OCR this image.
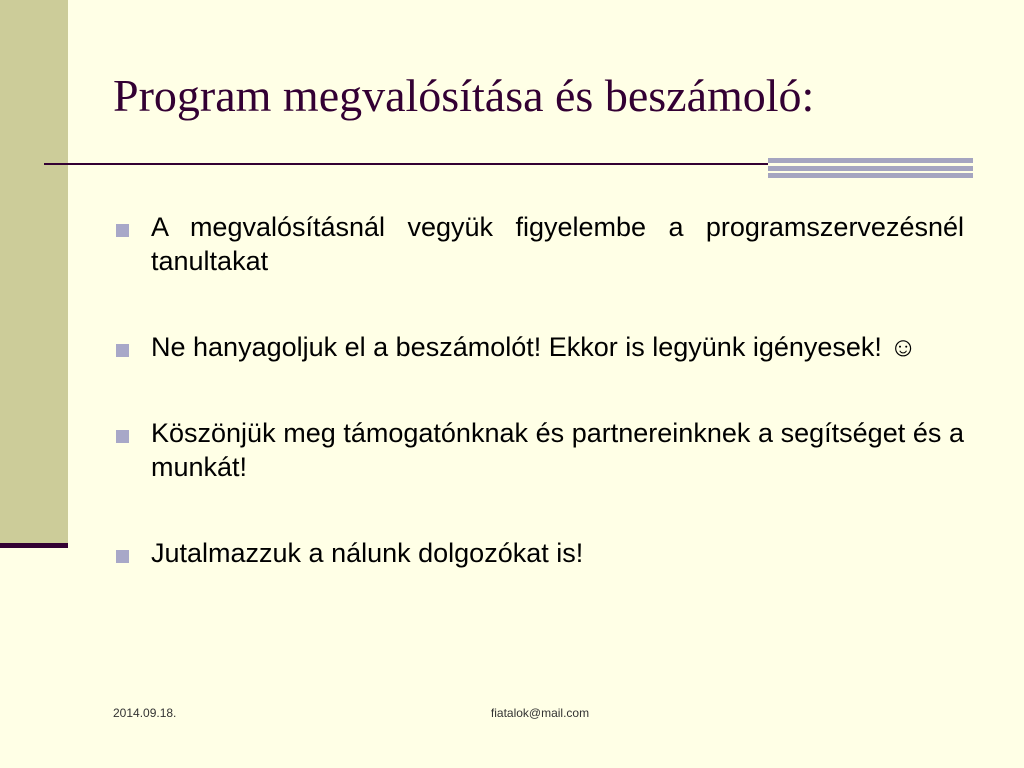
Program megvalósítása és beszámoló:
A megvalósításnál vegyük figyelembe a programszervezésnél tanultakat
Ne hanyagoljuk el a beszámolót! Ekkor is legyünk igényesek! ☺
Köszönjük meg támogatónknak és partnereinknek a segítséget és a munkát!
Jutalmazzuk a nálunk dolgozókat is!
2014.09.18.	fiatalok@mail.com
